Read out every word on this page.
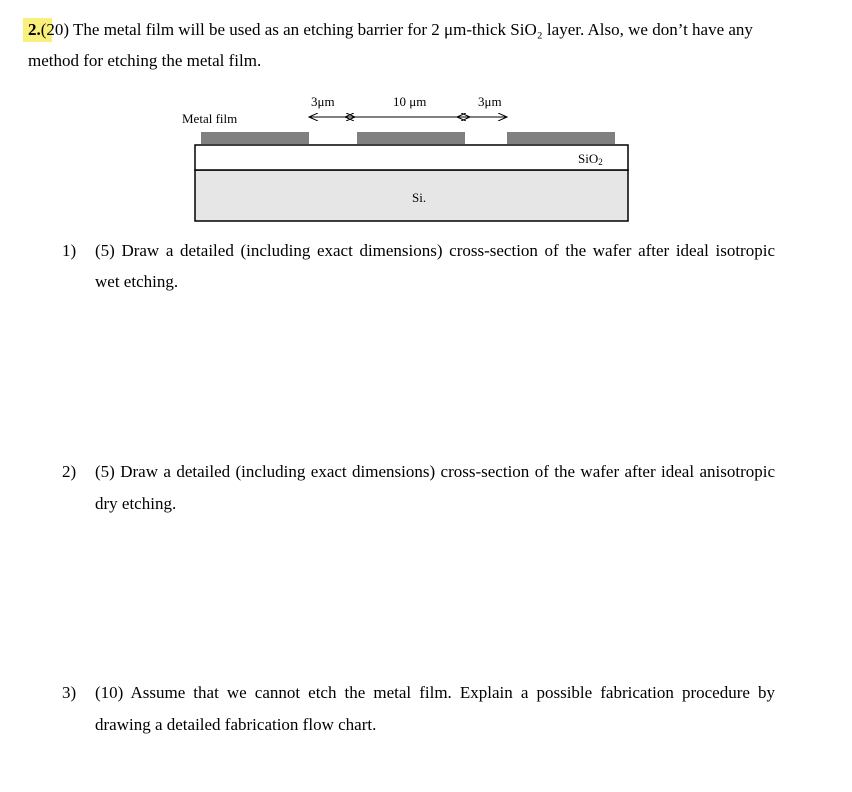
2.(20) The metal film will be used as an etching barrier for 2 μm-thick SiO₂ layer. Also, we don’t have any
method for etching the metal film.
Metal film
3μm	10 μm	3μm
SiO$_2$
Si.
1) (5) Draw a detailed (including exact dimensions) cross-section of the wafer after ideal isotropic
wet etching.
2) (5) Draw a detailed (including exact dimensions) cross-section of the wafer after ideal anisotropic
dry etching.
3) (10) Assume that we cannot etch the metal film. Explain a possible fabrication procedure by
drawing a detailed fabrication flow chart.
